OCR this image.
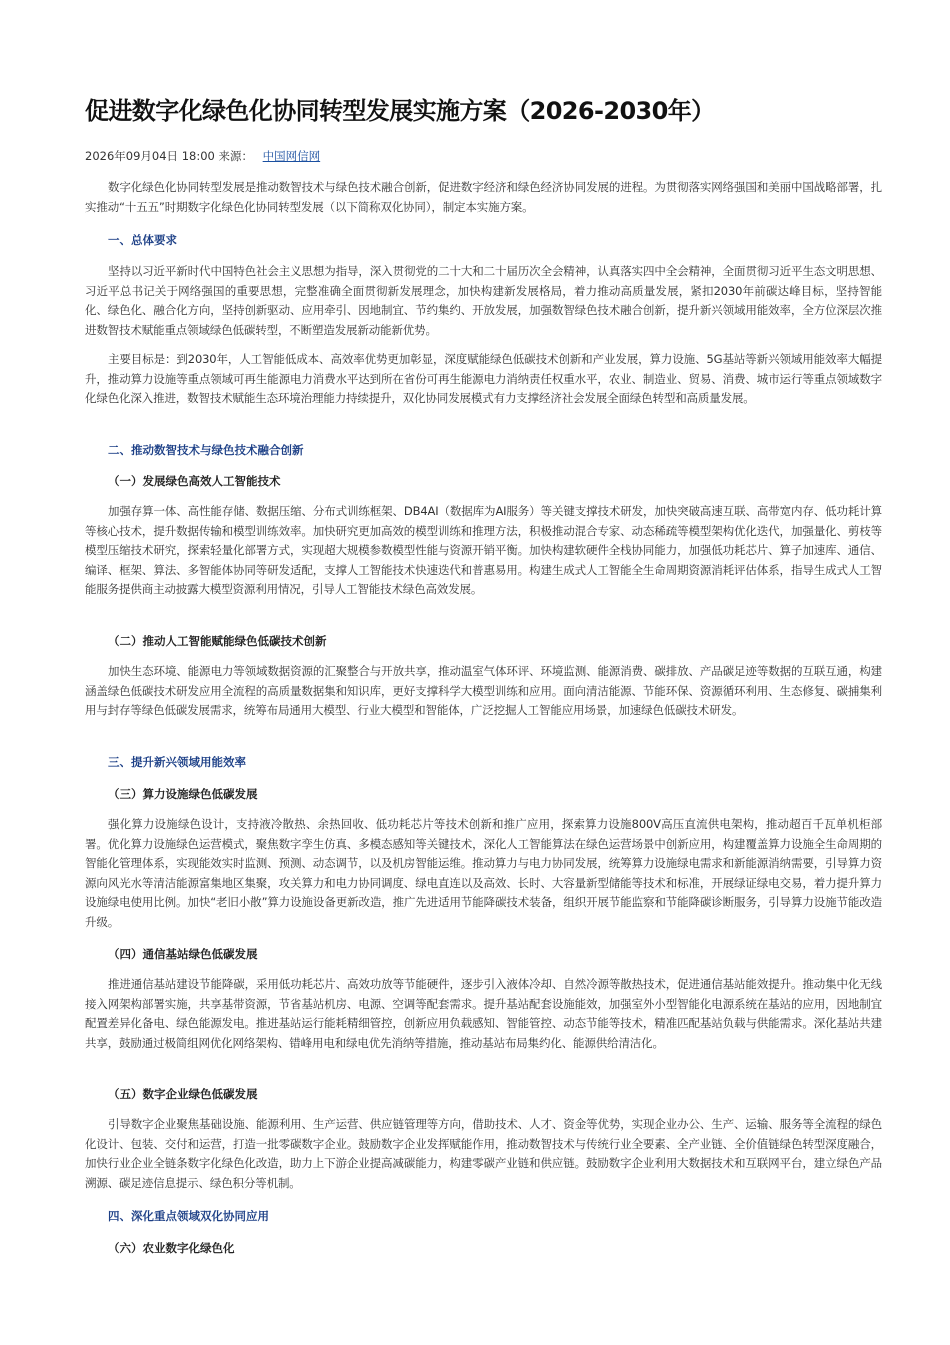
促进数字化绿色化协同转型发展实施方案（2026-2030年）
2026年09月04日 18:00 来源： 中国网信网

数字化绿色化协同转型发展是推动数智技术与绿色技术融合创新，促进数字经济和绿色经济协同发展的进程。为贯彻落实网络强国和美丽中国战略部署，扎实推动“十五五”时期数字化绿色化协同转型发展（以下简称双化协同），制定本实施方案。

一、总体要求

坚持以习近平新时代中国特色社会主义思想为指导，深入贯彻党的二十大和二十届历次全会精神，认真落实四中全会精神，全面贯彻习近平生态文明思想、习近平总书记关于网络强国的重要思想，完整准确全面贯彻新发展理念，加快构建新发展格局，着力推动高质量发展，紧扣2030年前碳达峰目标，坚持智能化、绿色化、融合化方向，坚持创新驱动、应用牵引、因地制宜、节约集约、开放发展，加强数智绿色技术融合创新，提升新兴领域用能效率，全方位深层次推进数智技术赋能重点领域绿色低碳转型，不断塑造发展新动能新优势。

主要目标是：到2030年，人工智能低成本、高效率优势更加彰显，深度赋能绿色低碳技术创新和产业发展，算力设施、5G基站等新兴领域用能效率大幅提升，推动算力设施等重点领域可再生能源电力消费水平达到所在省份可再生能源电力消纳责任权重水平，农业、制造业、贸易、消费、城市运行等重点领域数字化绿色化深入推进，数智技术赋能生态环境治理能力持续提升，双化协同发展模式有力支撑经济社会发展全面绿色转型和高质量发展。

二、推动数智技术与绿色技术融合创新

（一）发展绿色高效人工智能技术

加强存算一体、高性能存储、数据压缩、分布式训练框架、DB4AI（数据库为AI服务）等关键支撑技术研发，加快突破高速互联、高带宽内存、低功耗计算等核心技术，提升数据传输和模型训练效率。加快研究更加高效的模型训练和推理方法，积极推动混合专家、动态稀疏等模型架构优化迭代，加强量化、剪枝等模型压缩技术研究，探索轻量化部署方式，实现超大规模参数模型性能与资源开销平衡。加快构建软硬件全栈协同能力，加强低功耗芯片、算子加速库、通信、编译、框架、算法、多智能体协同等研发适配，支撑人工智能技术快速迭代和普惠易用。构建生成式人工智能全生命周期资源消耗评估体系，指导生成式人工智能服务提供商主动披露大模型资源利用情况，引导人工智能技术绿色高效发展。

（二）推动人工智能赋能绿色低碳技术创新

加快生态环境、能源电力等领域数据资源的汇聚整合与开放共享，推动温室气体环评、环境监测、能源消费、碳排放、产品碳足迹等数据的互联互通，构建涵盖绿色低碳技术研发应用全流程的高质量数据集和知识库，更好支撑科学大模型训练和应用。面向清洁能源、节能环保、资源循环利用、生态修复、碳捕集利用与封存等绿色低碳发展需求，统筹布局通用大模型、行业大模型和智能体，广泛挖掘人工智能应用场景，加速绿色低碳技术研发。

三、提升新兴领域用能效率

（三）算力设施绿色低碳发展

强化算力设施绿色设计，支持液冷散热、余热回收、低功耗芯片等技术创新和推广应用，探索算力设施800V高压直流供电架构，推动超百千瓦单机柜部署。优化算力设施绿色运营模式，聚焦数字孪生仿真、多模态感知等关键技术，深化人工智能算法在绿色运营场景中创新应用，构建覆盖算力设施全生命周期的智能化管理体系，实现能效实时监测、预测、动态调节，以及机房智能运维。推动算力与电力协同发展，统筹算力设施绿电需求和新能源消纳需要，引导算力资源向风光水等清洁能源富集地区集聚，攻关算力和电力协同调度、绿电直连以及高效、长时、大容量新型储能等技术和标准，开展绿证绿电交易，着力提升算力设施绿电使用比例。加快“老旧小散”算力设施设备更新改造，推广先进适用节能降碳技术装备，组织开展节能监察和节能降碳诊断服务，引导算力设施节能改造升级。

（四）通信基站绿色低碳发展

推进通信基站建设节能降碳，采用低功耗芯片、高效功放等节能硬件，逐步引入液体冷却、自然冷源等散热技术，促进通信基站能效提升。推动集中化无线接入网架构部署实施，共享基带资源，节省基站机房、电源、空调等配套需求。提升基站配套设施能效，加强室外小型智能化电源系统在基站的应用，因地制宜配置差异化备电、绿色能源发电。推进基站运行能耗精细管控，创新应用负载感知、智能管控、动态节能等技术，精准匹配基站负载与供能需求。深化基站共建共享，鼓励通过极简组网优化网络架构、错峰用电和绿电优先消纳等措施，推动基站布局集约化、能源供给清洁化。

（五）数字企业绿色低碳发展

引导数字企业聚焦基础设施、能源利用、生产运营、供应链管理等方向，借助技术、人才、资金等优势，实现企业办公、生产、运输、服务等全流程的绿色化设计、包装、交付和运营，打造一批零碳数字企业。鼓励数字企业发挥赋能作用，推动数智技术与传统行业全要素、全产业链、全价值链绿色转型深度融合，加快行业企业全链条数字化绿色化改造，助力上下游企业提高减碳能力，构建零碳产业链和供应链。鼓励数字企业利用大数据技术和互联网平台，建立绿色产品溯源、碳足迹信息提示、绿色积分等机制。

四、深化重点领域双化协同应用

（六）农业数字化绿色化
